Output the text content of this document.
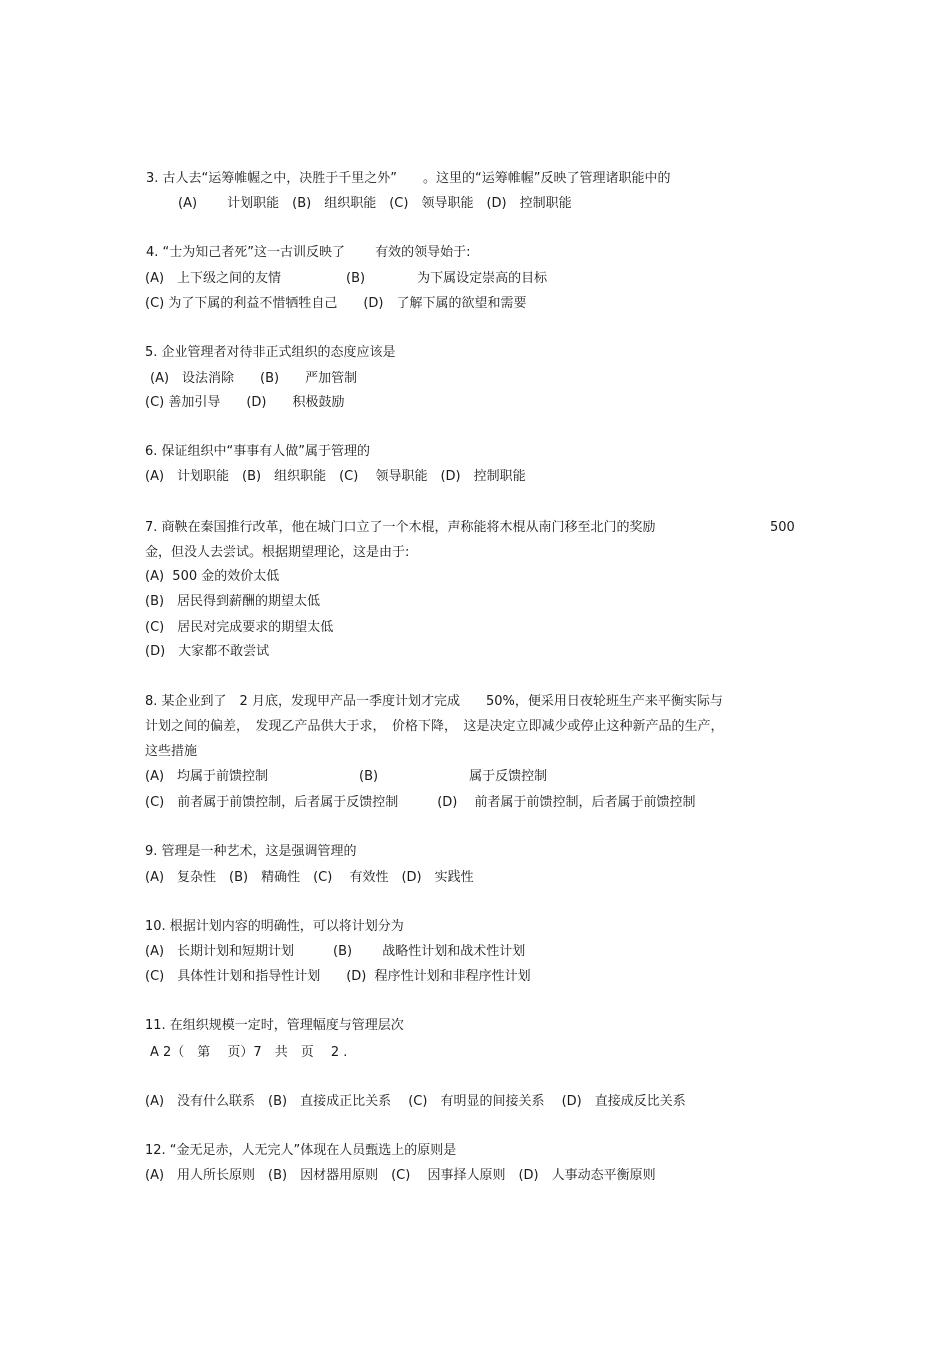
3. 古人去“运筹帷幄之中，决胜于千里之外”　　。这里的“运筹帷幄”反映了管理诸职能中的
(A)　　 计划职能　(B)　组织职能　(C)　领导职能　(D)　控制职能
4. “士为知己者死”这一古训反映了　　 有效的领导始于:
(A)　上下级之间的友情　　　　　(B)　　　　为下属设定崇高的目标
(C) 为了下属的利益不惜牺牲自己　　(D)　了解下属的欲望和需要
5. 企业管理者对待非正式组织的态度应该是
(A)　设法消除　　(B)　　严加管制
(C) 善加引导　　(D)　　积极鼓励
6. 保证组织中“事事有人做”属于管理的
(A)　计划职能　(B)　组织职能　(C)　 领导职能　(D)　控制职能
7. 商鞅在秦国推行改革，他在城门口立了一个木棍，声称能将木棍从南门移至北门的奖励	500
金，但没人去尝试。根据期望理论，这是由于:
(A)  500 金的效价太低
(B)　居民得到薪酬的期望太低
(C)　居民对完成要求的期望太低
(D)　大家都不敢尝试
8. 某企业到了　2 月底，发现甲产品一季度计划才完成　　50%，便采用日夜轮班生产来平衡实际与
计划之间的偏差，　发现乙产品供大于求，　价格下降，　这是决定立即减少或停止这种新产品的生产，
这些措施
(A)　均属于前馈控制　　　　　　　(B)　　　　　　　属于反馈控制
(C)　前者属于前馈控制，后者属于反馈控制　　　(D)　 前者属于前馈控制，后者属于前馈控制
9. 管理是一种艺术，这是强调管理的
(A)　复杂性　(B)　精确性　(C)　 有效性　(D)　实践性
10. 根据计划内容的明确性，可以将计划分为
(A)　长期计划和短期计划　　　(B)　　 战略性计划和战术性计划
(C)　具体性计划和指导性计划　　(D)  程序性计划和非程序性计划
11. 在组织规模一定时，管理幅度与管理层次
A 2（　第　 页）7　共　页　 2 .
(A)　没有什么联系　(B)　直接成正比关系　 (C)　有明显的间接关系　 (D)　直接成反比关系
12. “金无足赤，人无完人”体现在人员甄选上的原则是
(A)　用人所长原则　(B)　因材器用原则　(C)　 因事择人原则　(D)　人事动态平衡原则
